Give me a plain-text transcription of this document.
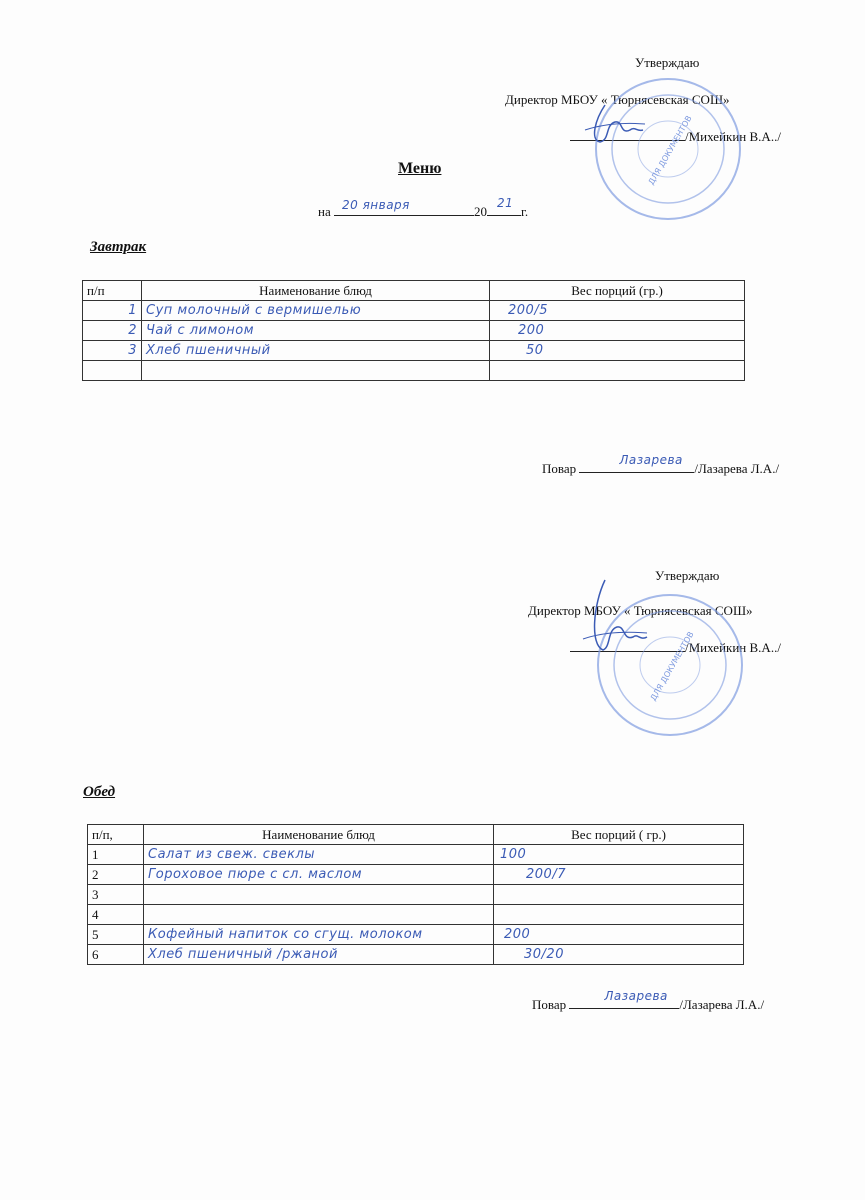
Утверждаю
Директор МБОУ « Тюрнясевская СОШ»
/Михейкин В.А../
ДЛЯ ДОКУМЕНТОВ
Меню
на 20 января	20
21
г.
Завтрак
п/п	Наименование блюд	Вес порций (гр.)
1	Суп молочный с вермишелью	200/5
2	Чай с лимоном	200
3	Хлеб пшеничный	50

Повар
Лазарева
/Лазарева Л.А./
Утверждаю
Директор МБОУ « Тюрнясевская СОШ»
/Михейкин В.А../
ДЛЯ ДОКУМЕНТОВ
Обед
п/п,	Наименование блюд	Вес порций ( гр.)
1	Салат из свеж. свеклы	100
2	Гороховое пюре с сл. маслом	200/7
3		
4		
5	Кофейный напиток со сгущ. молоком	200
6	Хлеб пшеничный /ржаной	30/20
Повар
Лазарева
/Лазарева Л.А./
